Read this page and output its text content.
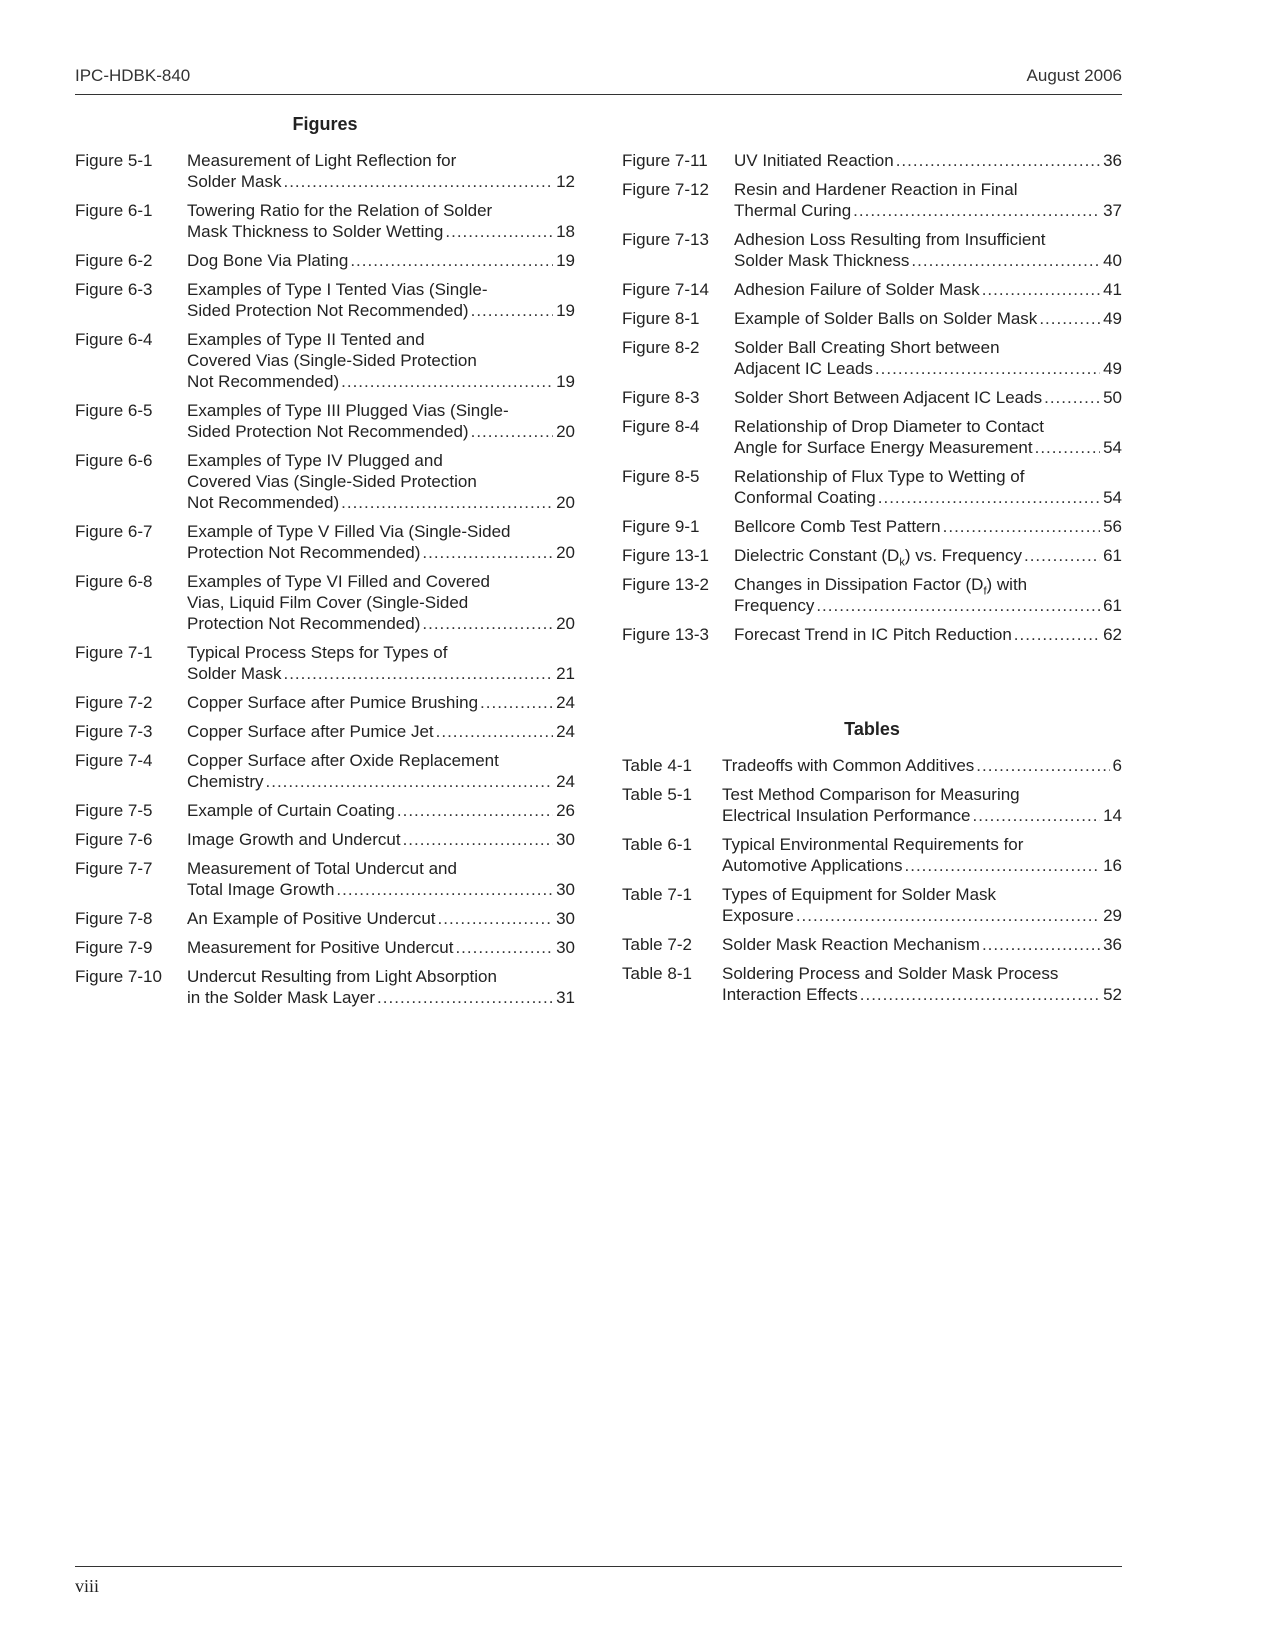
IPC-HDBK-840	August 2006
Figures
Figure 5-1	Measurement of Light Reflection for
Solder Mask .....	12
Figure 6-1	Towering Ratio for the Relation of Solder
Mask Thickness to Solder Wetting .....	18
Figure 6-2	Dog Bone Via Plating .....	19
Figure 6-3	Examples of Type I Tented Vias (Single-
Sided Protection Not Recommended) .....	19
Figure 6-4	Examples of Type II Tented and
Covered Vias (Single-Sided Protection
Not Recommended) .....	19
Figure 6-5	Examples of Type III Plugged Vias (Single-
Sided Protection Not Recommended) .....	20
Figure 6-6	Examples of Type IV Plugged and
Covered Vias (Single-Sided Protection
Not Recommended) .....	20
Figure 6-7	Example of Type V Filled Via (Single-Sided
Protection Not Recommended) .....	20
Figure 6-8	Examples of Type VI Filled and Covered
Vias, Liquid Film Cover (Single-Sided
Protection Not Recommended) .....	20
Figure 7-1	Typical Process Steps for Types of
Solder Mask .....	21
Figure 7-2	Copper Surface after Pumice Brushing .....	24
Figure 7-3	Copper Surface after Pumice Jet .....	24
Figure 7-4	Copper Surface after Oxide Replacement
Chemistry .....	24
Figure 7-5	Example of Curtain Coating .....	26
Figure 7-6	Image Growth and Undercut .....	30
Figure 7-7	Measurement of Total Undercut and
Total Image Growth .....	30
Figure 7-8	An Example of Positive Undercut .....	30
Figure 7-9	Measurement for Positive Undercut .....	30
Figure 7-10	Undercut Resulting from Light Absorption
in the Solder Mask Layer .....	31
Figure 7-11	UV Initiated Reaction .....	36
Figure 7-12	Resin and Hardener Reaction in Final
Thermal Curing .....	37
Figure 7-13	Adhesion Loss Resulting from Insufficient
Solder Mask Thickness .....	40
Figure 7-14	Adhesion Failure of Solder Mask .....	41
Figure 8-1	Example of Solder Balls on Solder Mask .....	49
Figure 8-2	Solder Ball Creating Short between
Adjacent IC Leads .....	49
Figure 8-3	Solder Short Between Adjacent IC Leads .....	50
Figure 8-4	Relationship of Drop Diameter to Contact
Angle for Surface Energy Measurement .....	54
Figure 8-5	Relationship of Flux Type to Wetting of
Conformal Coating .....	54
Figure 9-1	Bellcore Comb Test Pattern .....	56
Figure 13-1	Dielectric Constant $(D_k)$ vs. Frequency .....	61
Figure 13-2	Changes in Dissipation Factor $(D_f)$ with
Frequency .....	61
Figure 13-3	Forecast Trend in IC Pitch Reduction .....	62
Tables
Table 4-1	Tradeoffs with Common Additives .....	6
Table 5-1	Test Method Comparison for Measuring
Electrical Insulation Performance .....	14
Table 6-1	Typical Environmental Requirements for
Automotive Applications .....	16
Table 7-1	Types of Equipment for Solder Mask
Exposure .....	29
Table 7-2	Solder Mask Reaction Mechanism .....	36
Table 8-1	Soldering Process and Solder Mask Process
Interaction Effects .....	52
viii
